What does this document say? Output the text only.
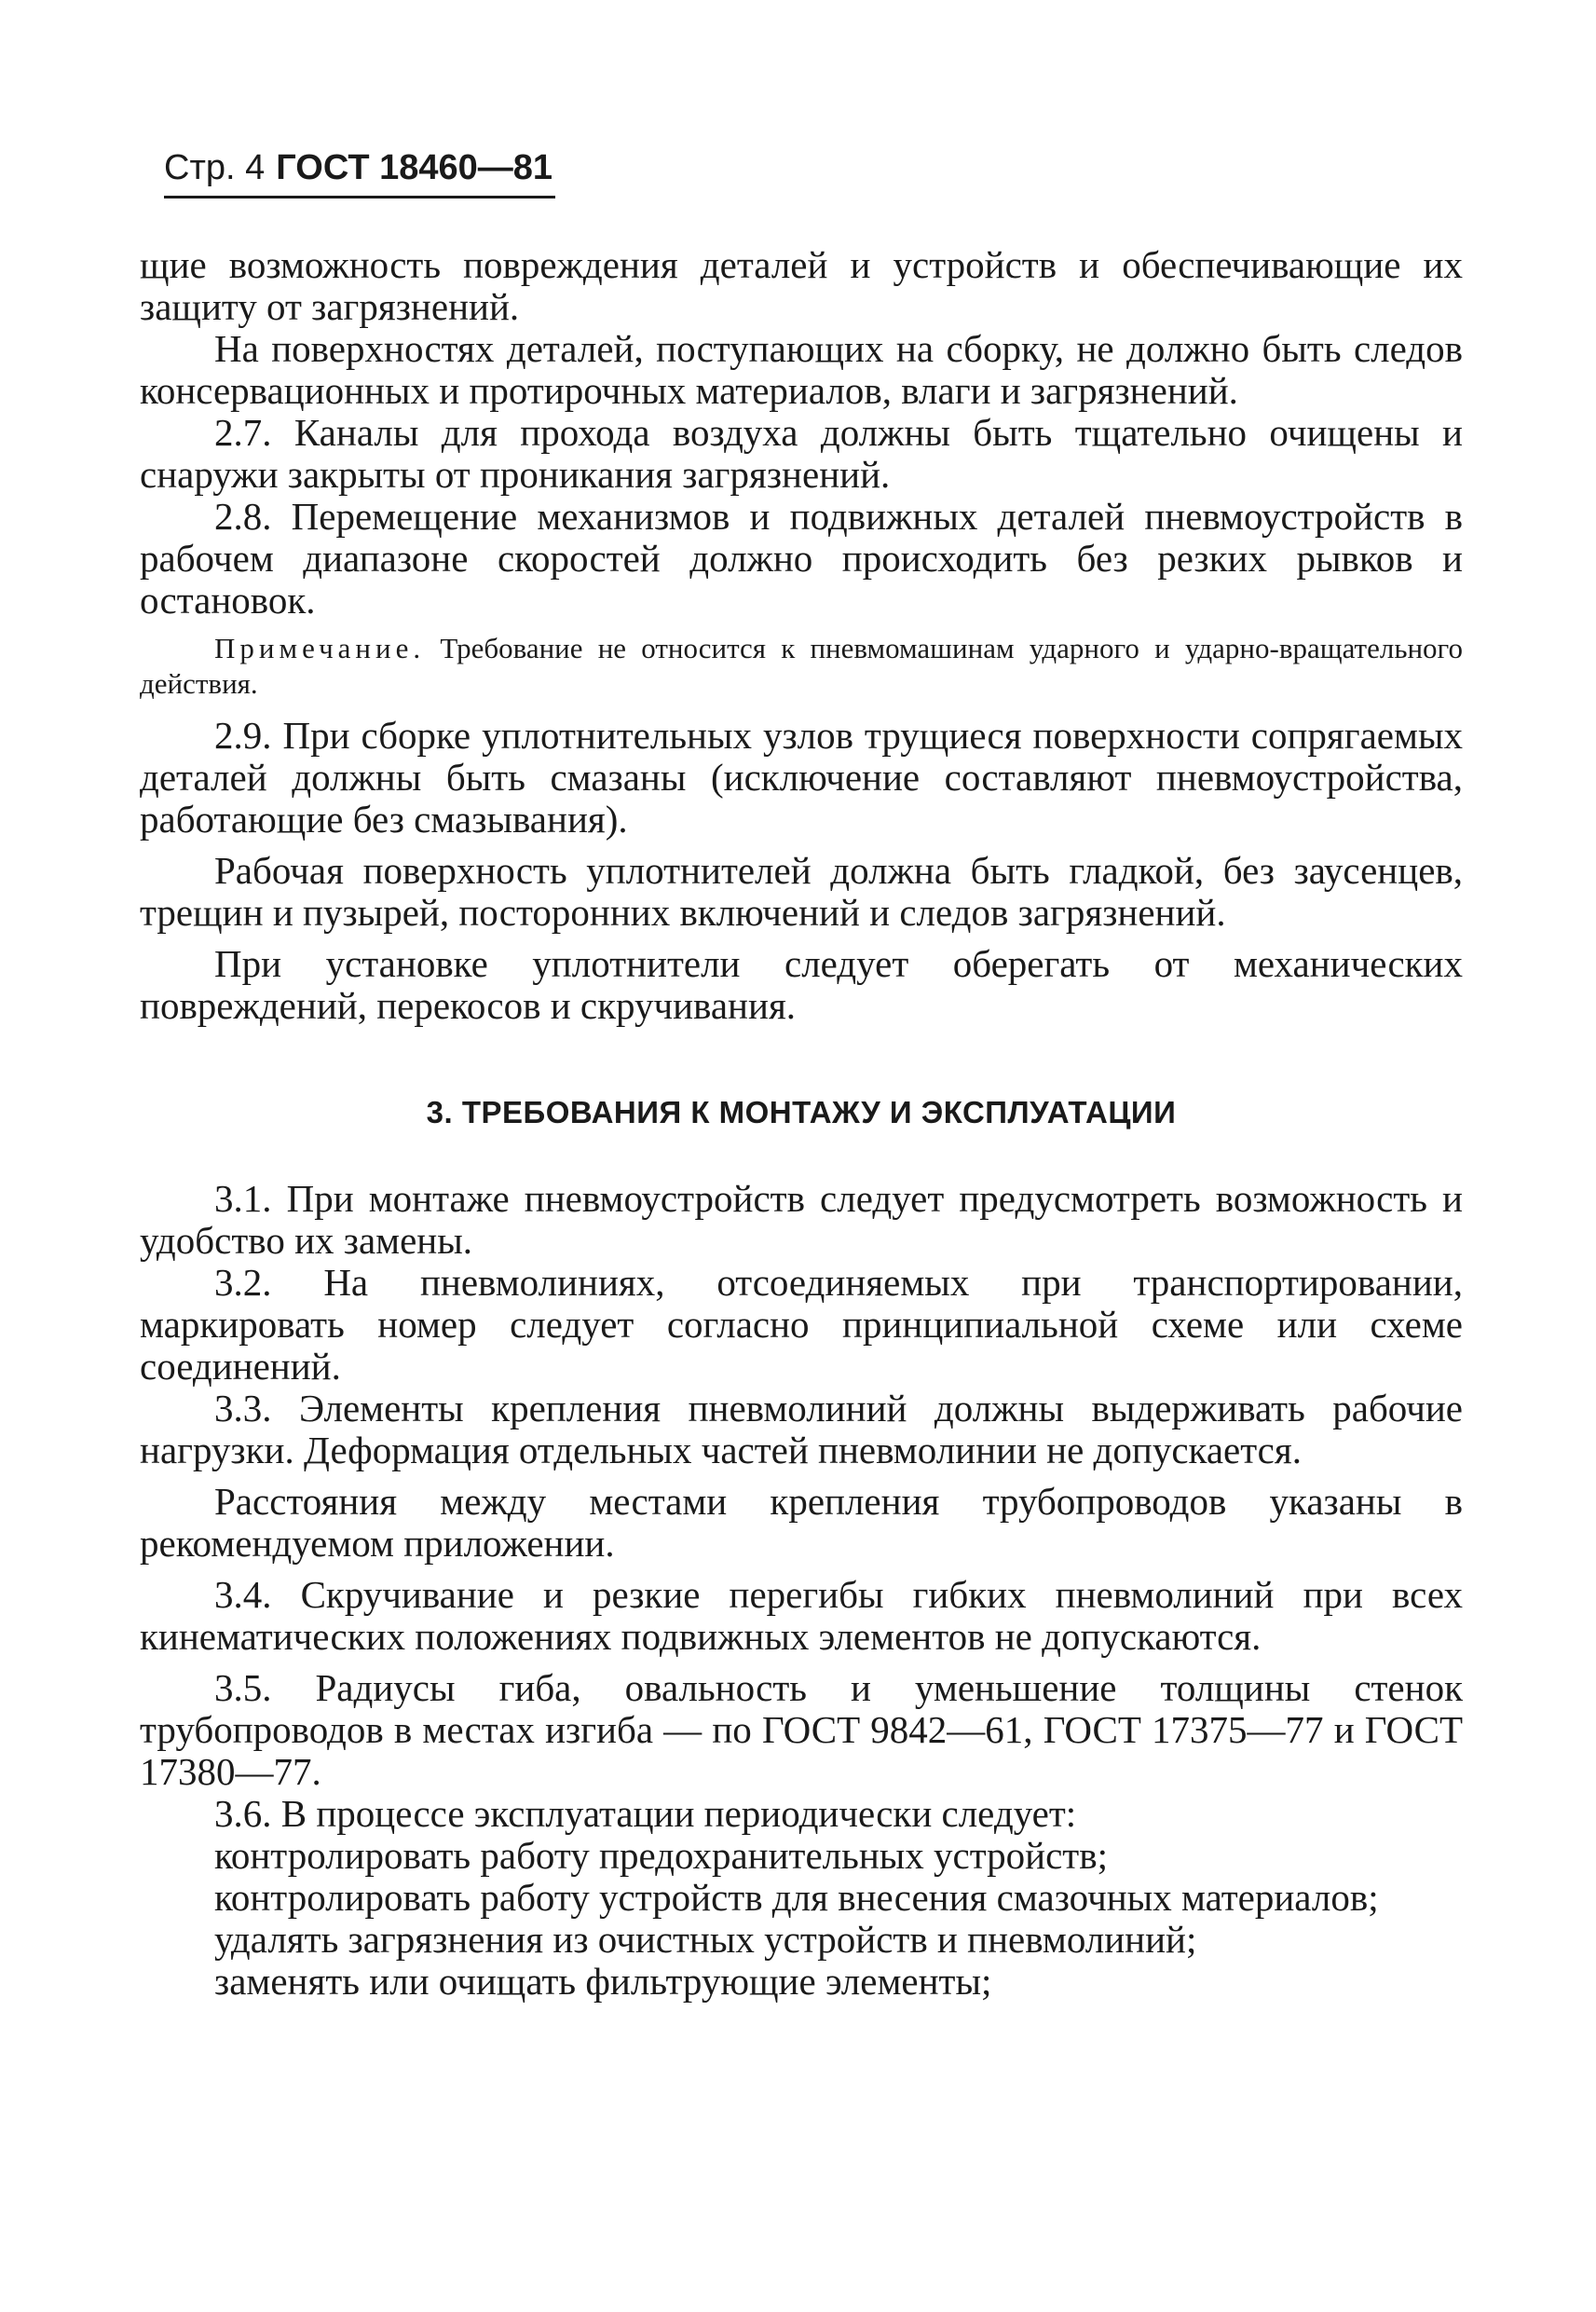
Стр. 4 ГОСТ 18460—81

щие возможность повреждения деталей и устройств и обеспечивающие их защиту от загрязнений.

На поверхностях деталей, поступающих на сборку, не должно быть следов консервационных и протирочных материалов, влаги и загрязнений.

2.7. Каналы для прохода воздуха должны быть тщательно очищены и снаружи закрыты от проникания загрязнений.

2.8. Перемещение механизмов и подвижных деталей пневмоустройств в рабочем диапазоне скоростей должно происходить без резких рывков и остановок.

Примечание. Требование не относится к пневмомашинам ударного и ударно-вращательного действия.

2.9. При сборке уплотнительных узлов трущиеся поверхности сопрягаемых деталей должны быть смазаны (исключение составляют пневмоустройства, работающие без смазывания).

Рабочая поверхность уплотнителей должна быть гладкой, без заусенцев, трещин и пузырей, посторонних включений и следов загрязнений.

При установке уплотнители следует оберегать от механических повреждений, перекосов и скручивания.

3. ТРЕБОВАНИЯ К МОНТАЖУ И ЭКСПЛУАТАЦИИ

3.1. При монтаже пневмоустройств следует предусмотреть возможность и удобство их замены.

3.2. На пневмолиниях, отсоединяемых при транспортировании, маркировать номер следует согласно принципиальной схеме или схеме соединений.

3.3. Элементы крепления пневмолиний должны выдерживать рабочие нагрузки. Деформация отдельных частей пневмолинии не допускается.

Расстояния между местами крепления трубопроводов указаны в рекомендуемом приложении.

3.4. Скручивание и резкие перегибы гибких пневмолиний при всех кинематических положениях подвижных элементов не допускаются.

3.5. Радиусы гиба, овальность и уменьшение толщины стенок трубопроводов в местах изгиба — по ГОСТ 9842—61, ГОСТ 17375—77 и ГОСТ 17380—77.

3.6. В процессе эксплуатации периодически следует:

контролировать работу предохранительных устройств;

контролировать работу устройств для внесения смазочных материалов;

удалять загрязнения из очистных устройств и пневмолиний;

заменять или очищать фильтрующие элементы;
